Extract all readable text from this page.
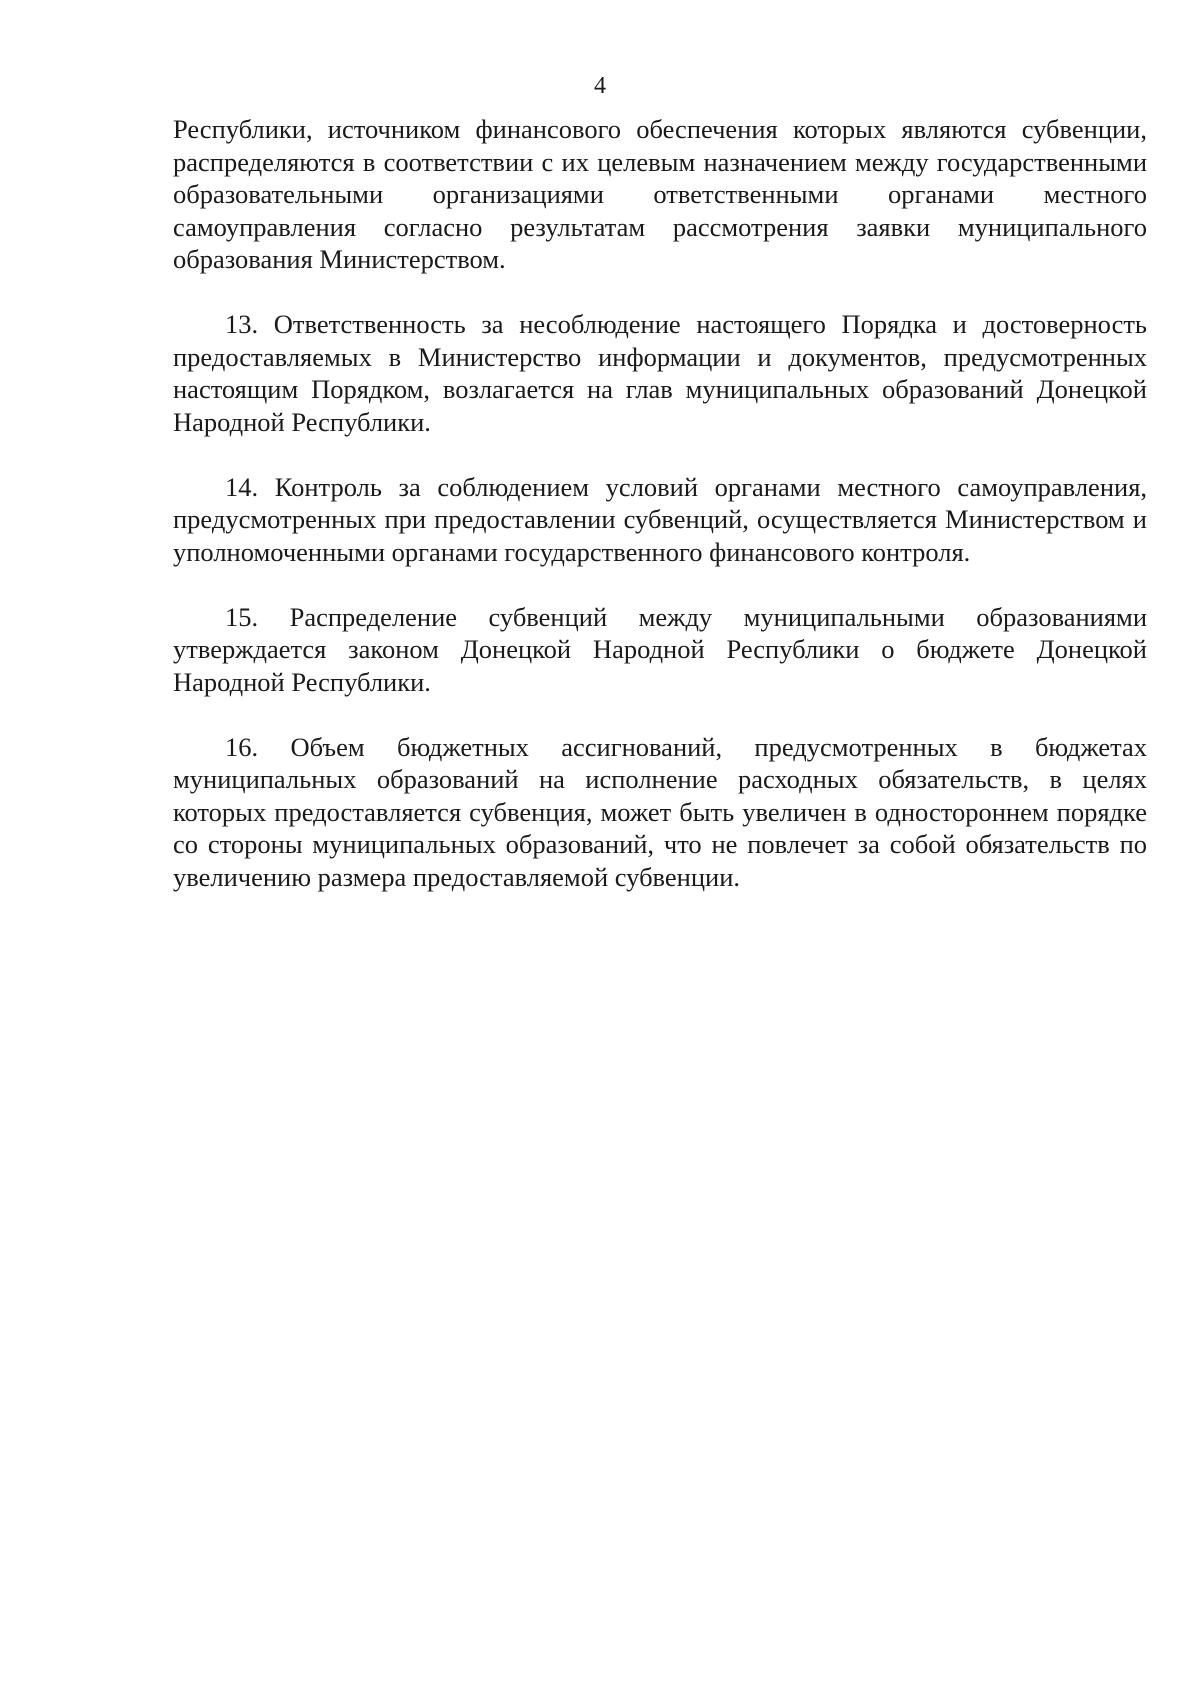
4

Республики, источником финансового обеспечения которых являются субвенции, распределяются в соответствии с их целевым назначением между государственными образовательными организациями ответственными органами местного самоуправления согласно результатам рассмотрения заявки муниципального образования Министерством.

13. Ответственность за несоблюдение настоящего Порядка и достоверность предоставляемых в Министерство информации и документов, предусмотренных настоящим Порядком, возлагается на глав муниципальных образований Донецкой Народной Республики.

14. Контроль за соблюдением условий органами местного самоуправления, предусмотренных при предоставлении субвенций, осуществляется Министерством и уполномоченными органами государственного финансового контроля.

15. Распределение субвенций между муниципальными образованиями утверждается законом Донецкой Народной Республики о бюджете Донецкой Народной Республики.

16. Объем бюджетных ассигнований, предусмотренных в бюджетах муниципальных образований на исполнение расходных обязательств, в целях которых предоставляется субвенция, может быть увеличен в одностороннем порядке со стороны муниципальных образований, что не повлечет за собой обязательств по увеличению размера предоставляемой субвенции.
